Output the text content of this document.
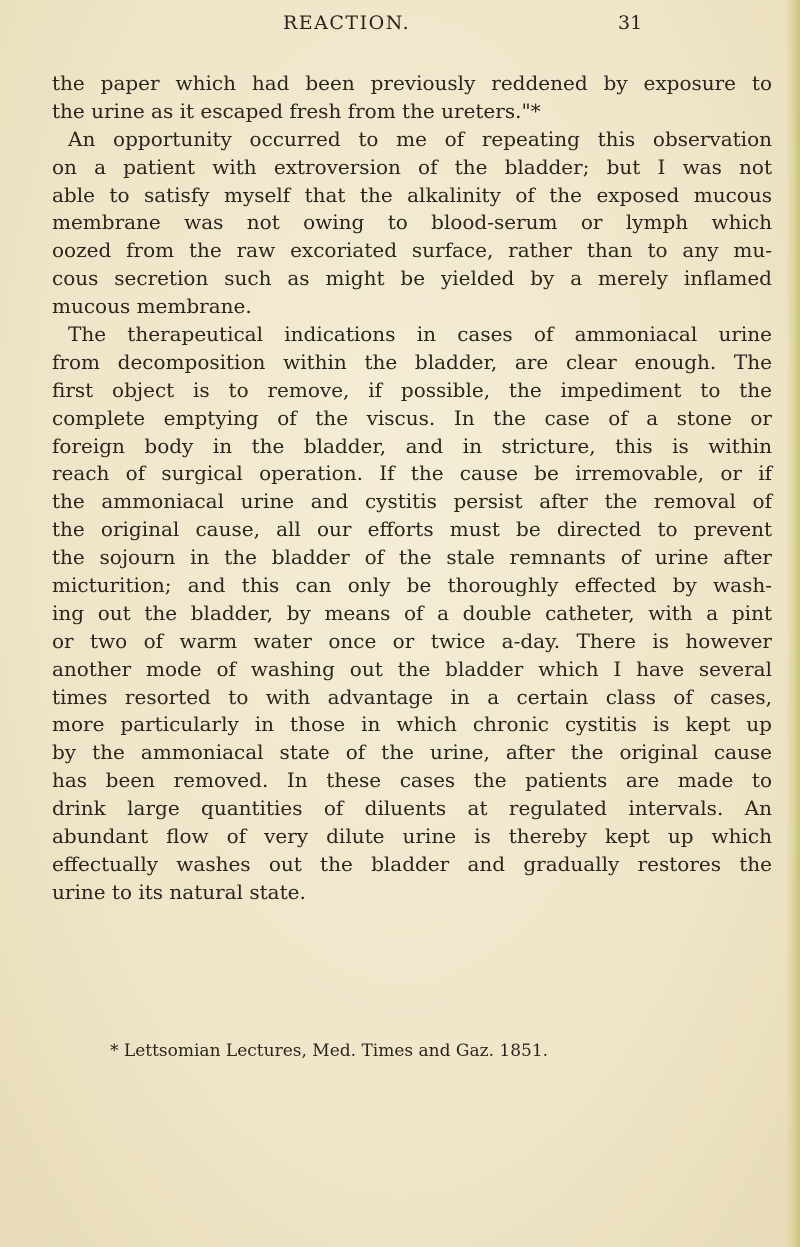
REACTION.	31
the paper which had been previously reddened by exposure to
the urine as it escaped fresh from the ureters."*
An opportunity occurred to me of repeating this observation
on a patient with extroversion of the bladder; but I was not
able to satisfy myself that the alkalinity of the exposed mucous
membrane was not owing to blood-serum or lymph which
oozed from the raw excoriated surface, rather than to any mu-
cous secretion such as might be yielded by a merely inflamed
mucous membrane.
The therapeutical indications in cases of ammoniacal urine
from decomposition within the bladder, are clear enough. The
first object is to remove, if possible, the impediment to the
complete emptying of the viscus. In the case of a stone or
foreign body in the bladder, and in stricture, this is within
reach of surgical operation. If the cause be irremovable, or if
the ammoniacal urine and cystitis persist after the removal of
the original cause, all our efforts must be directed to prevent
the sojourn in the bladder of the stale remnants of urine after
micturition; and this can only be thoroughly effected by wash-
ing out the bladder, by means of a double catheter, with a pint
or two of warm water once or twice a-day. There is however
another mode of washing out the bladder which I have several
times resorted to with advantage in a certain class of cases,
more particularly in those in which chronic cystitis is kept up
by the ammoniacal state of the urine, after the original cause
has been removed. In these cases the patients are made to
drink large quantities of diluents at regulated intervals. An
abundant flow of very dilute urine is thereby kept up which
effectually washes out the bladder and gradually restores the
urine to its natural state.
* Lettsomian Lectures, Med. Times and Gaz. 1851.
